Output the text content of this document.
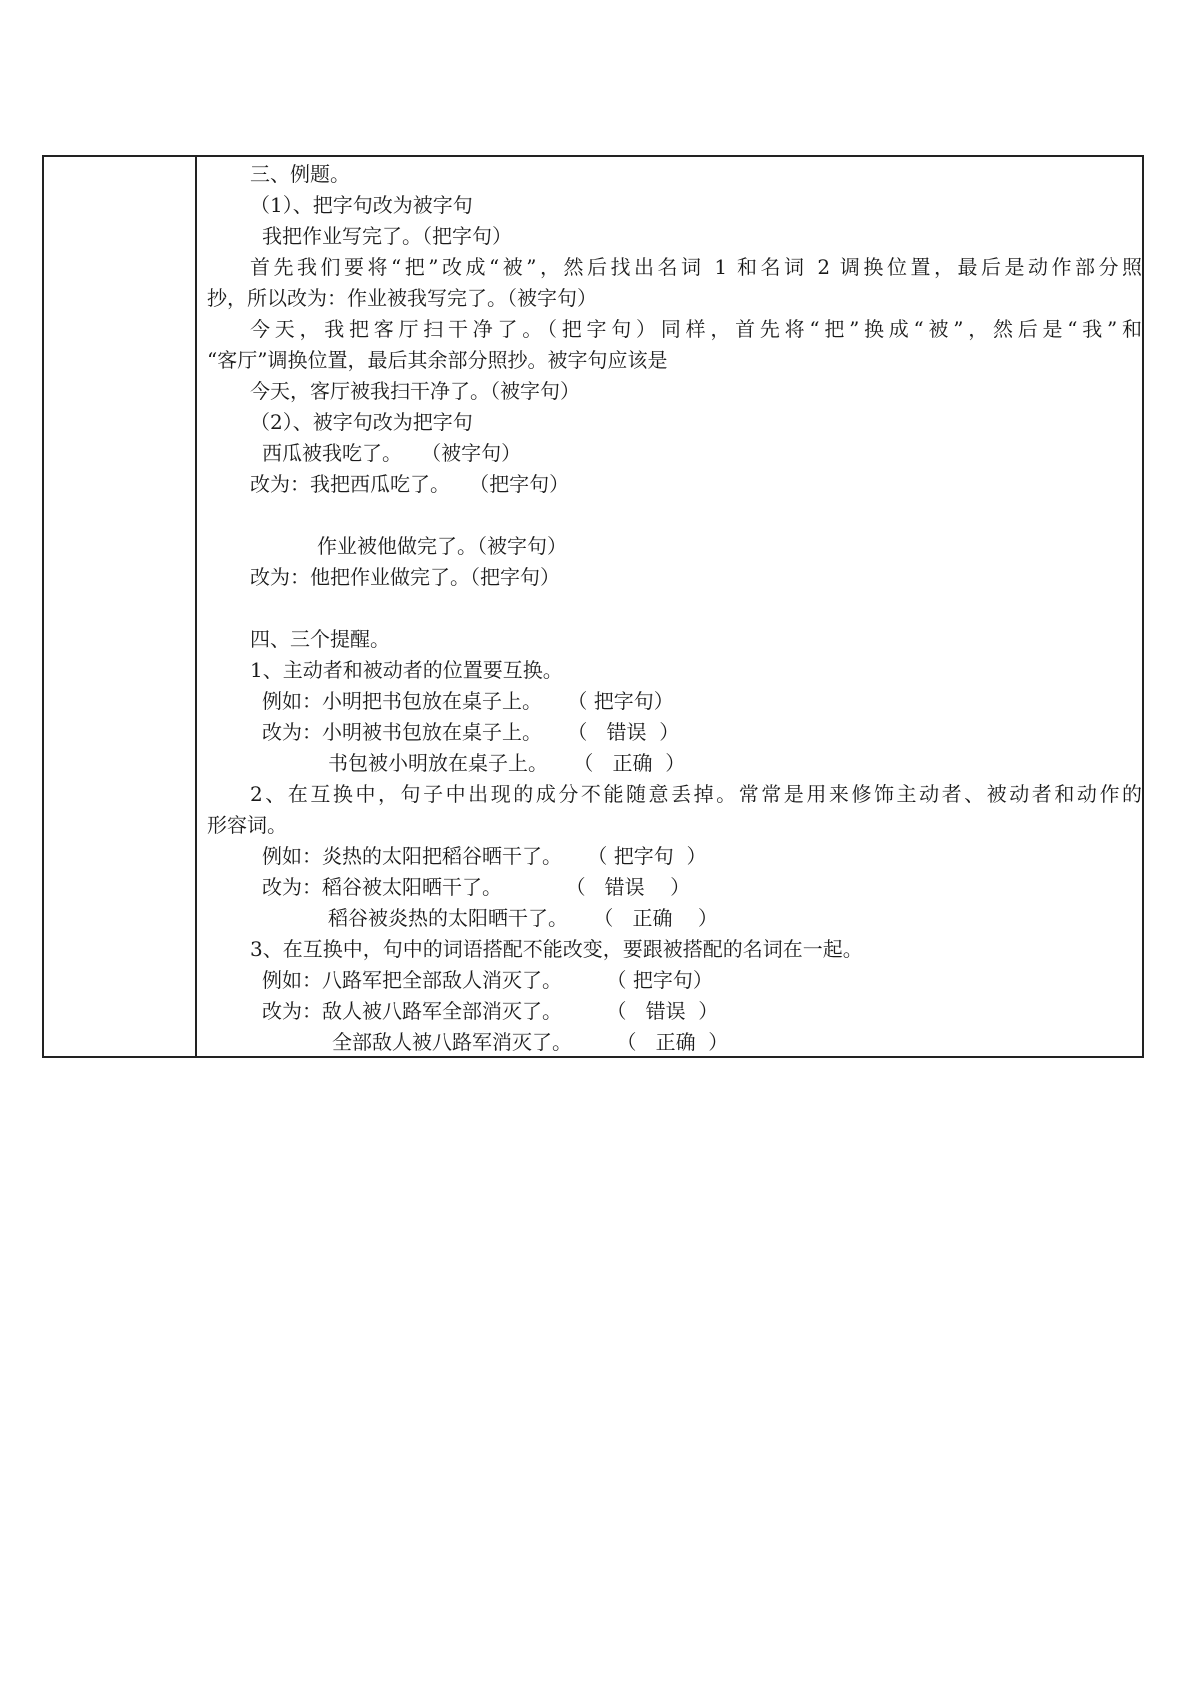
三、例题。
（1）、把字句改为被字句
我把作业写完了。（把字句）
首先我们要将“把”改成“被”，然后找出名词 1 和名词 2 调换位置，最后是动作部分照
抄，所以改为：作业被我写完了。（被字句）
今天，我把客厅扫干净了。（把字句）同样，首先将“把”换成“被”，然后是“我”和
“客厅”调换位置，最后其余部分照抄。被字句应该是
今天，客厅被我扫干净了。（被字句）
（2）、被字句改为把字句
西瓜被我吃了。   （被字句）
改为：我把西瓜吃了。   （把字句）
作业被他做完了。（被字句）
改为：他把作业做完了。（把字句）
四、三个提醒。
1、主动者和被动者的位置要互换。
例如：小明把书包放在桌子上。    （ 把字句）
改为：小明被书包放在桌子上。    （   错误  ）
书包被小明放在桌子上。    （   正确  ）
2、在互换中，句子中出现的成分不能随意丢掉。常常是用来修饰主动者、被动者和动作的
形容词。
例如：炎热的太阳把稻谷晒干了。    （ 把字句  ）
改为：稻谷被太阳晒干了。          （   错误    ）
稻谷被炎热的太阳晒干了。    （   正确    ）
3、在互换中，句中的词语搭配不能改变，要跟被搭配的名词在一起。
例如：八路军把全部敌人消灭了。       （ 把字句）
改为：敌人被八路军全部消灭了。       （   错误  ）
全部敌人被八路军消灭了。       （   正确  ）
